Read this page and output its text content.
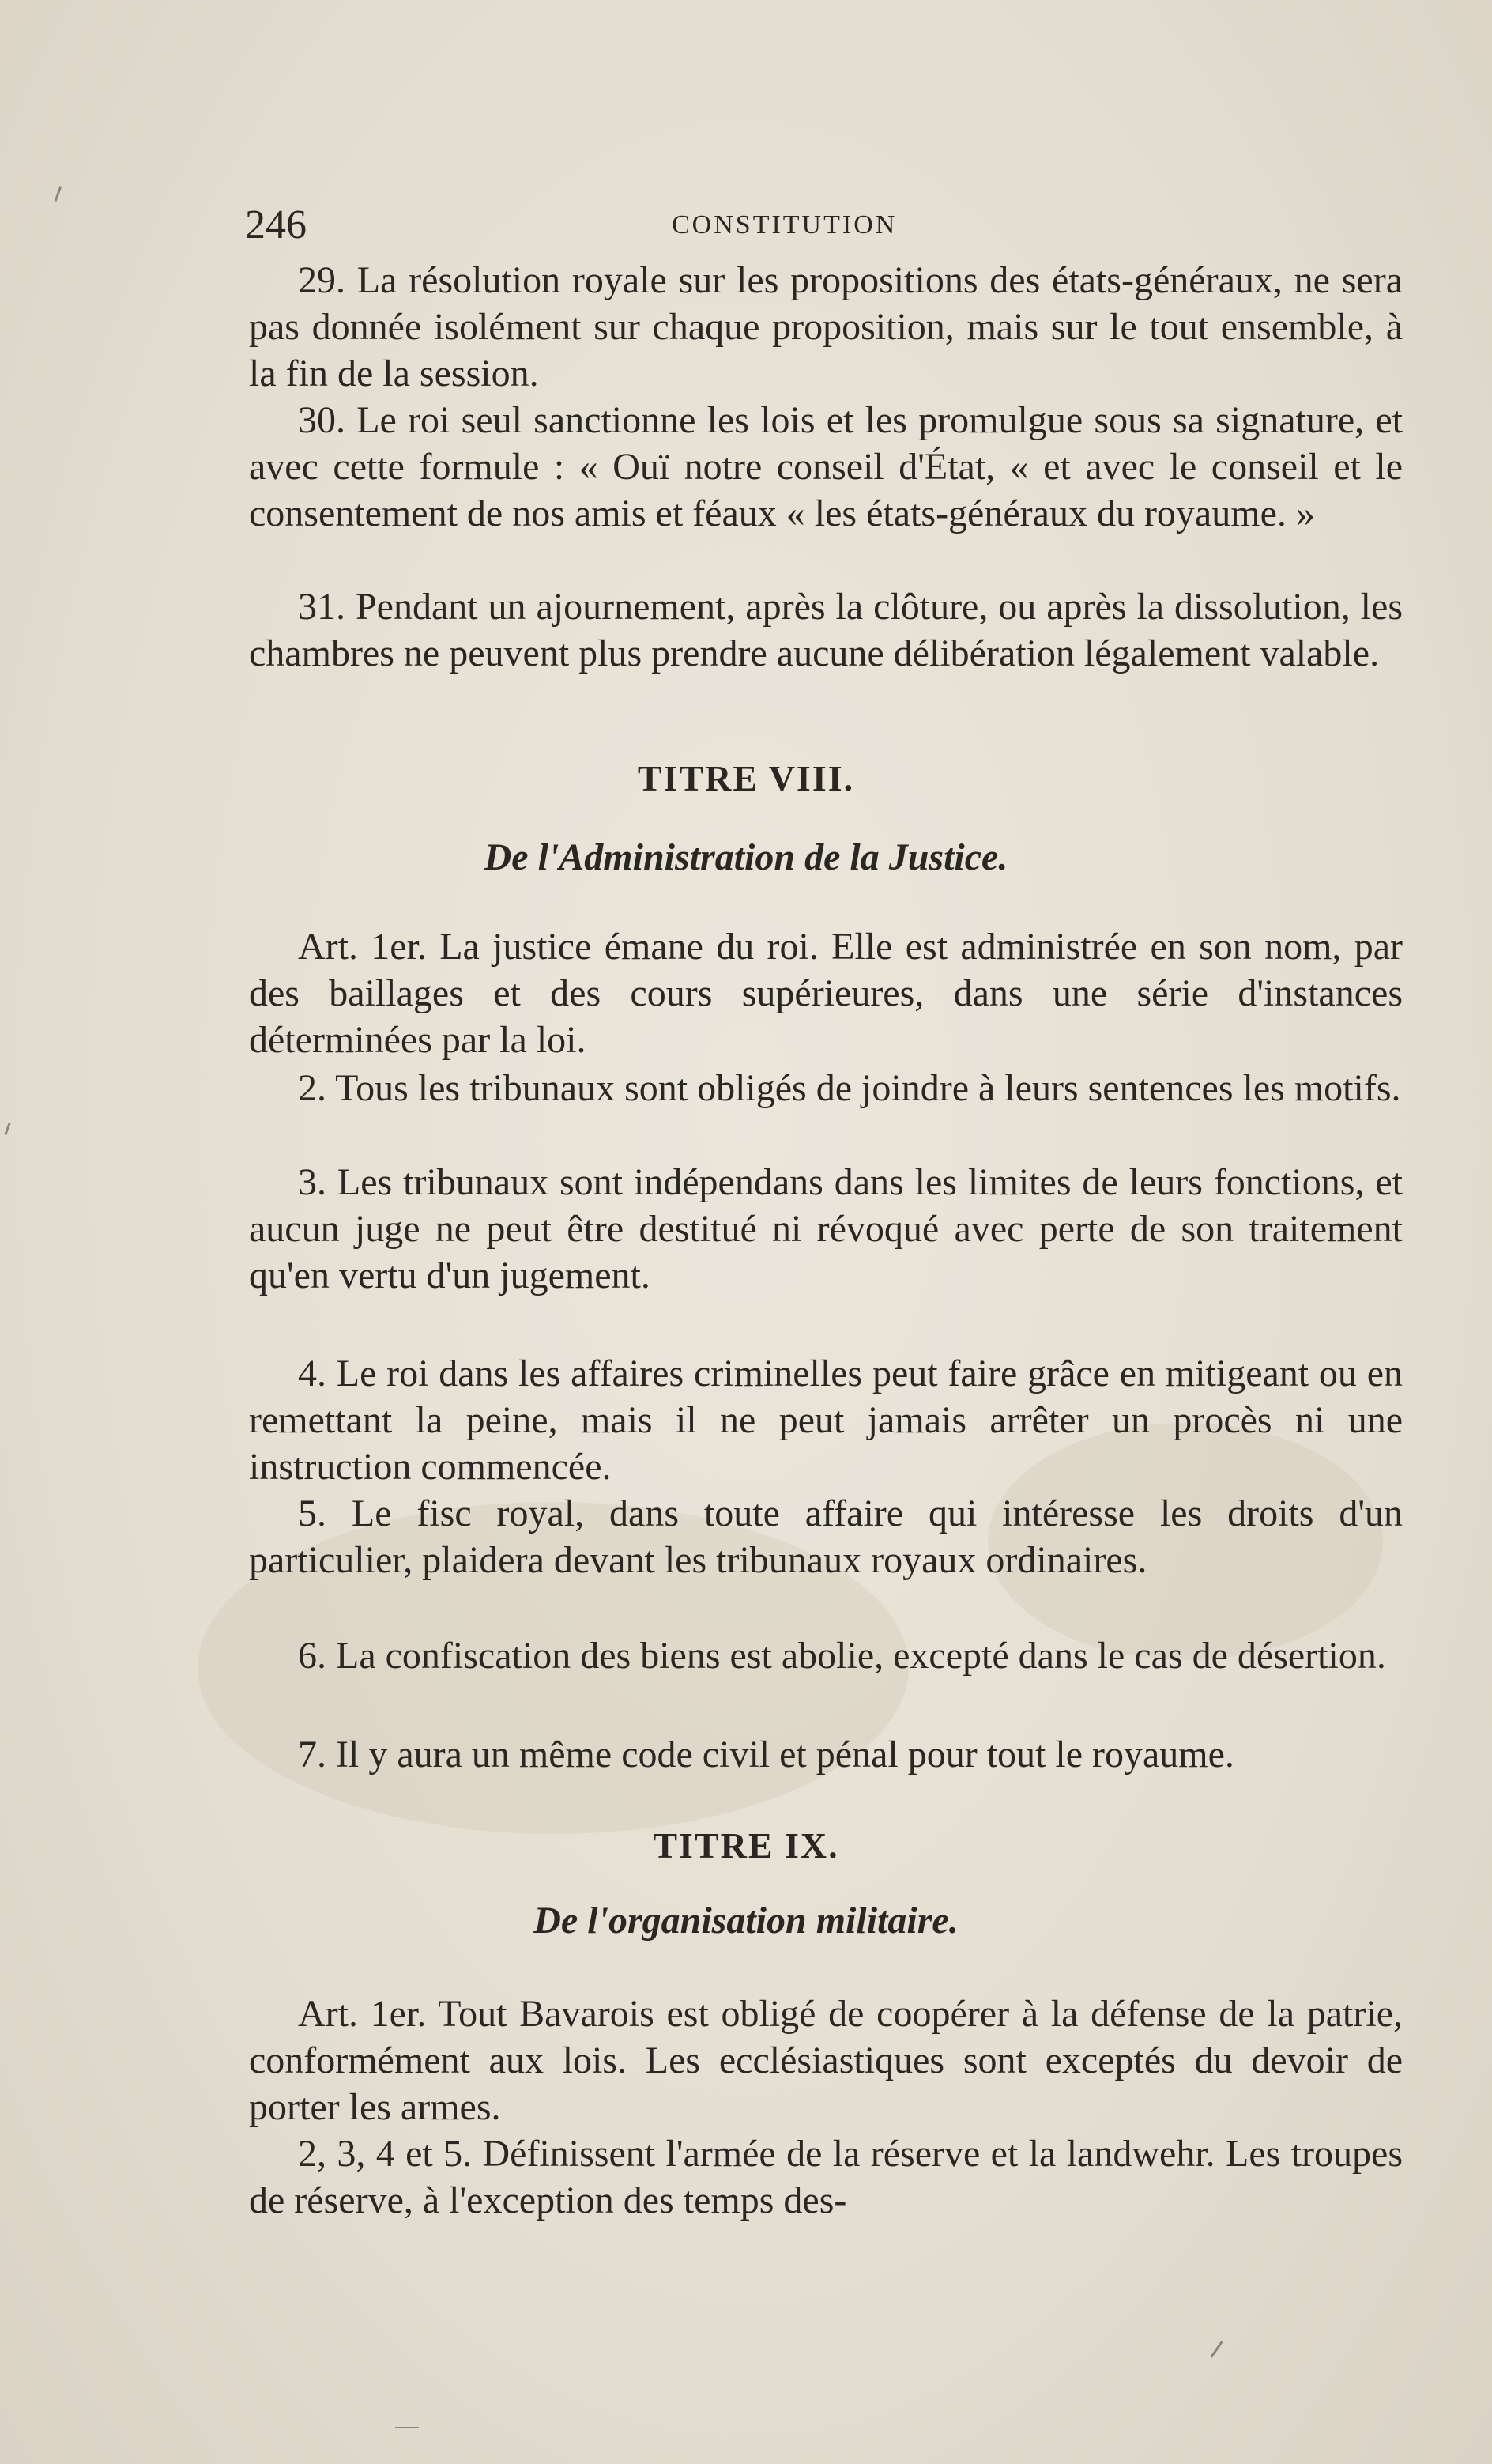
246	CONSTITUTION

29. La résolution royale sur les propositions des états-généraux, ne sera pas donnée isolément sur chaque proposition, mais sur le tout ensemble, à la fin de la session.

30. Le roi seul sanctionne les lois et les promulgue sous sa signature, et avec cette formule : « Ouï notre conseil d'État, « et avec le conseil et le consentement de nos amis et féaux « les états-généraux du royaume. »

31. Pendant un ajournement, après la clôture, ou après la dissolution, les chambres ne peuvent plus prendre aucune délibération légalement valable.

TITRE VIII.
De l'Administration de la Justice.

Art. 1er. La justice émane du roi. Elle est administrée en son nom, par des baillages et des cours supérieures, dans une série d'instances déterminées par la loi.

2. Tous les tribunaux sont obligés de joindre à leurs sentences les motifs.

3. Les tribunaux sont indépendans dans les limites de leurs fonctions, et aucun juge ne peut être destitué ni révoqué avec perte de son traitement qu'en vertu d'un jugement.

4. Le roi dans les affaires criminelles peut faire grâce en mitigeant ou en remettant la peine, mais il ne peut jamais arrêter un procès ni une instruction commencée.

5. Le fisc royal, dans toute affaire qui intéresse les droits d'un particulier, plaidera devant les tribunaux royaux ordinaires.

6. La confiscation des biens est abolie, excepté dans le cas de désertion.

7. Il y aura un même code civil et pénal pour tout le royaume.

TITRE IX.
De l'organisation militaire.

Art. 1er. Tout Bavarois est obligé de coopérer à la défense de la patrie, conformément aux lois. Les ecclésiastiques sont exceptés du devoir de porter les armes.

2, 3, 4 et 5. Définissent l'armée de la réserve et la landwehr. Les troupes de réserve, à l'exception des temps des-
